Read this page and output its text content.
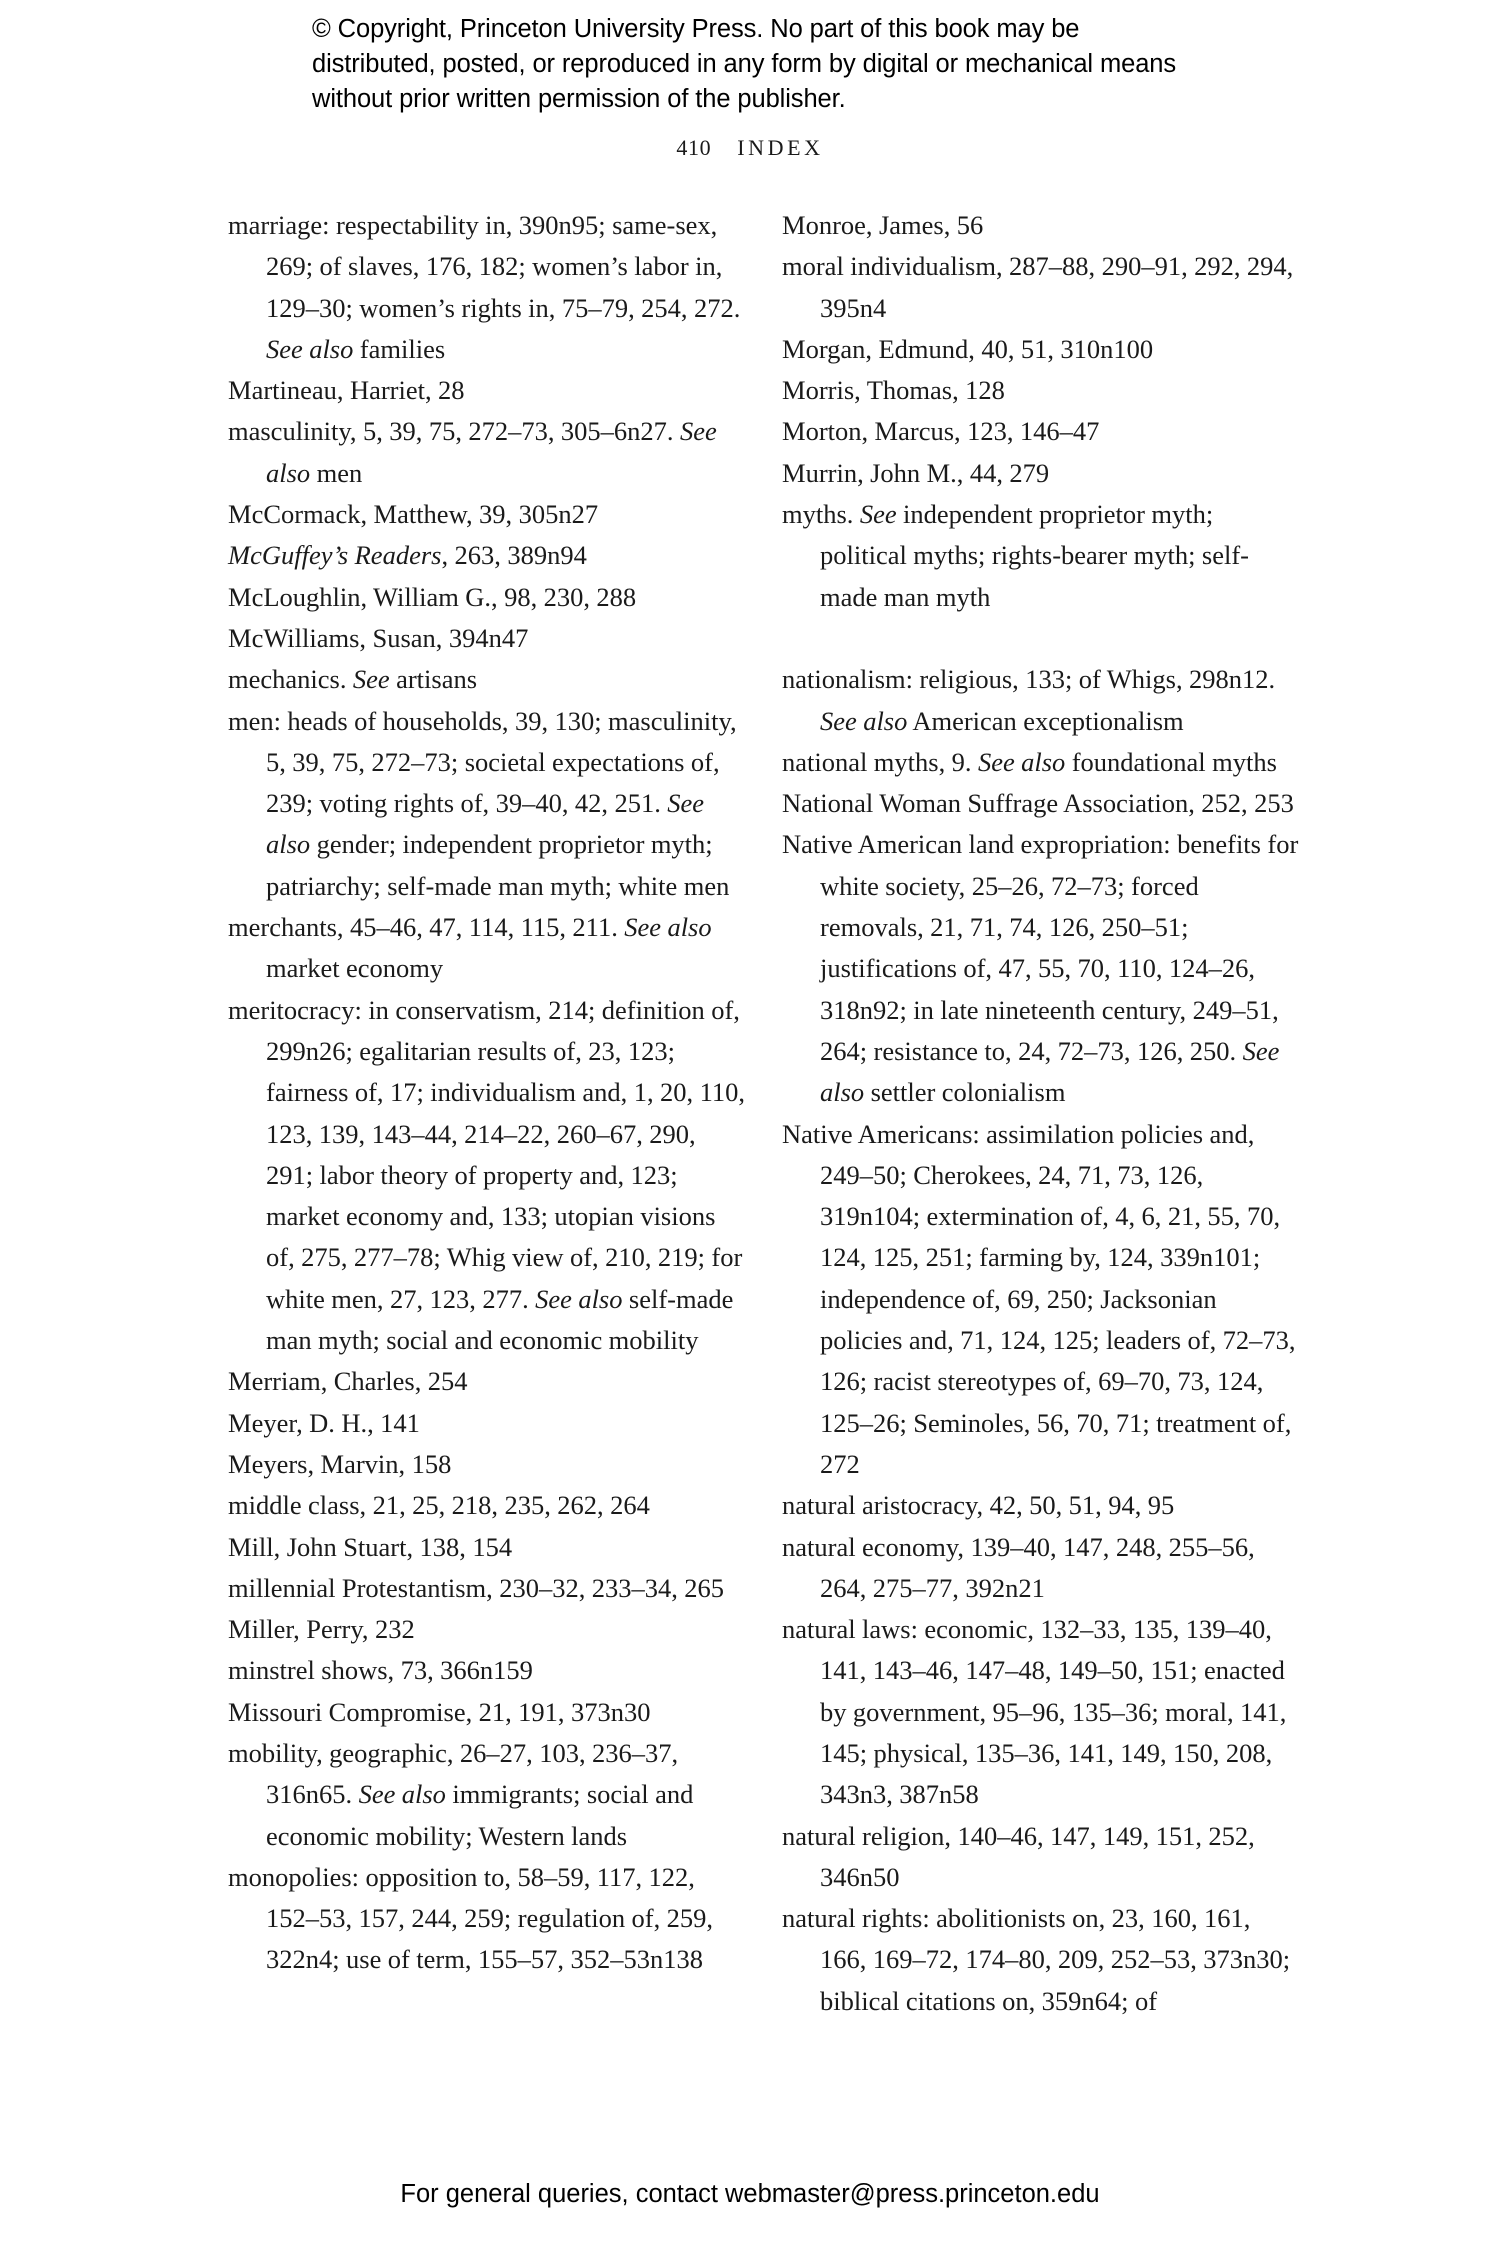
© Copyright, Princeton University Press. No part of this book may be distributed, posted, or reproduced in any form by digital or mechanical means without prior written permission of the publisher.
410 INDEX

marriage: respectability in, 390n95; same-sex, 269; of slaves, 176, 182; women’s labor in, 129–30; women’s rights in, 75–79, 254, 272. See also families

Martineau, Harriet, 28

masculinity, 5, 39, 75, 272–73, 305–6n27. See also men

McCormack, Matthew, 39, 305n27

McGuffey’s Readers, 263, 389n94

McLoughlin, William G., 98, 230, 288

McWilliams, Susan, 394n47

mechanics. See artisans

men: heads of households, 39, 130; masculinity, 5, 39, 75, 272–73; societal expectations of, 239; voting rights of, 39–40, 42, 251. See also gender; independent proprietor myth; patriarchy; self-made man myth; white men

merchants, 45–46, 47, 114, 115, 211. See also market economy

meritocracy: in conservatism, 214; definition of, 299n26; egalitarian results of, 23, 123; fairness of, 17; individualism and, 1, 20, 110, 123, 139, 143–44, 214–22, 260–67, 290, 291; labor theory of property and, 123; market economy and, 133; utopian visions of, 275, 277–78; Whig view of, 210, 219; for white men, 27, 123, 277. See also self-made man myth; social and economic mobility

Merriam, Charles, 254

Meyer, D. H., 141

Meyers, Marvin, 158

middle class, 21, 25, 218, 235, 262, 264

Mill, John Stuart, 138, 154

millennial Protestantism, 230–32, 233–34, 265

Miller, Perry, 232

minstrel shows, 73, 366n159

Missouri Compromise, 21, 191, 373n30

mobility, geographic, 26–27, 103, 236–37, 316n65. See also immigrants; social and economic mobility; Western lands

monopolies: opposition to, 58–59, 117, 122, 152–53, 157, 244, 259; regulation of, 259, 322n4; use of term, 155–57, 352–53n138

Monroe, James, 56

moral individualism, 287–88, 290–91, 292, 294, 395n4

Morgan, Edmund, 40, 51, 310n100

Morris, Thomas, 128

Morton, Marcus, 123, 146–47

Murrin, John M., 44, 279

myths. See independent proprietor myth; political myths; rights-bearer myth; self-made man myth

nationalism: religious, 133; of Whigs, 298n12. See also American exceptionalism

national myths, 9. See also foundational myths

National Woman Suffrage Association, 252, 253

Native American land expropriation: benefits for white society, 25–26, 72–73; forced removals, 21, 71, 74, 126, 250–51; justifications of, 47, 55, 70, 110, 124–26, 318n92; in late nineteenth century, 249–51, 264; resistance to, 24, 72–73, 126, 250. See also settler colonialism

Native Americans: assimilation policies and, 249–50; Cherokees, 24, 71, 73, 126, 319n104; extermination of, 4, 6, 21, 55, 70, 124, 125, 251; farming by, 124, 339n101; independence of, 69, 250; Jacksonian policies and, 71, 124, 125; leaders of, 72–73, 126; racist stereotypes of, 69–70, 73, 124, 125–26; Seminoles, 56, 70, 71; treatment of, 272

natural aristocracy, 42, 50, 51, 94, 95

natural economy, 139–40, 147, 248, 255–56, 264, 275–77, 392n21

natural laws: economic, 132–33, 135, 139–40, 141, 143–46, 147–48, 149–50, 151; enacted by government, 95–96, 135–36; moral, 141, 145; physical, 135–36, 141, 149, 150, 208, 343n3, 387n58

natural religion, 140–46, 147, 149, 151, 252, 346n50

natural rights: abolitionists on, 23, 160, 161, 166, 169–72, 174–80, 209, 252–53, 373n30; biblical citations on, 359n64; of

For general queries, contact webmaster@press.princeton.edu
